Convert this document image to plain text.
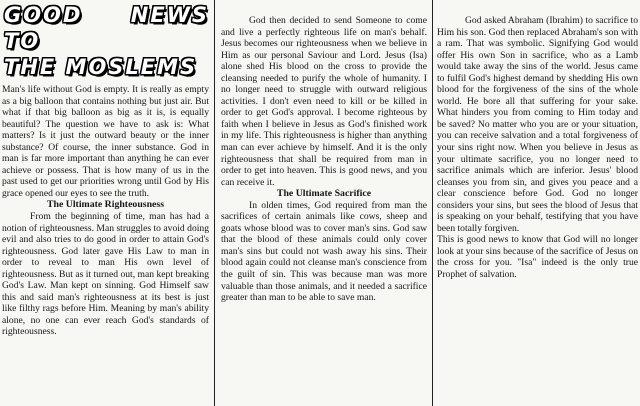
GOOD NEWS TO
THE MOSLEMS

Man's life without God is empty. It is really as empty as a big balloon that contains nothing but just air. But what if that big balloon as big as it is, is equally beautiful? The question we have to ask is: What matters? Is it just the outward beauty or the inner substance? Of course, the inner substance. God in man is far more important than anything he can ever achieve or possess. That is how many of us in the past used to get our priorities wrong until God by His grace opened our eyes to see the truth.

The Ultimate Righteousness

From the beginning of time, man has had a notion of righteousness. Man struggles to avoid doing evil and also tries to do good in order to attain God's righteousness. God later gave His Law to man in order to reveal to man His own level of righteousness. But as it turned out, man kept breaking God's Law. Man kept on sinning. God Himself saw this and said man's righteousness at its best is just like filthy rags before Him. Meaning by man's ability alone, no one can ever reach God's standards of righteousness.

God then decided to send Someone to come and live a perfectly righteous life on man's behalf. Jesus becomes our righteousness when we believe in Him as our personal Saviour and Lord. Jesus (Isa) alone shed His blood on the cross to provide the cleansing needed to purify the whole of humanity. I no longer need to struggle with outward religious activities. I don't even need to kill or be killed in order to get God's approval. I become righteous by faith when I believe in Jesus as God's finished work in my life. This righteousness is higher than anything man can ever achieve by himself. And it is the only righteousness that shall be required from man in order to get into heaven. This is good news, and you can receive it.

The Ultimate Sacrifice

In olden times, God required from man the sacrifices of certain animals like cows, sheep and goats whose blood was to cover man's sins. God saw that the blood of these animals could only cover man's sins but could not wash away his sins. Their blood again could not cleanse man's conscience from the guilt of sin. This was because man was more valuable than those animals, and it needed a sacrifice greater than man to be able to save man.

God asked Abraham (Ibrahim) to sacrifice to Him his son. God then replaced Abraham's son with a ram. That was symbolic. Signifying God would offer His own Son in sacrifice, who as a Lamb would take away the sins of the world. Jesus came to fulfil God's highest demand by shedding His own blood for the forgiveness of the sins of the whole world. He bore all that suffering for your sake. What hinders you from coming to Him today and be saved? No matter who you are or your situation, you can receive salvation and a total forgiveness of your sins right now. When you believe in Jesus as your ultimate sacrifice, you no longer need to sacrifice animals which are inferior. Jesus' blood cleanses you from sin, and gives you peace and a clear conscience before God. God no longer considers your sins, but sees the blood of Jesus that is speaking on your behalf, testifying that you have been totally forgiven.

This is good news to know that God will no longer look at your sins because of the sacrifice of Jesus on the cross for you. "Isa" indeed is the only true Prophet of salvation.
